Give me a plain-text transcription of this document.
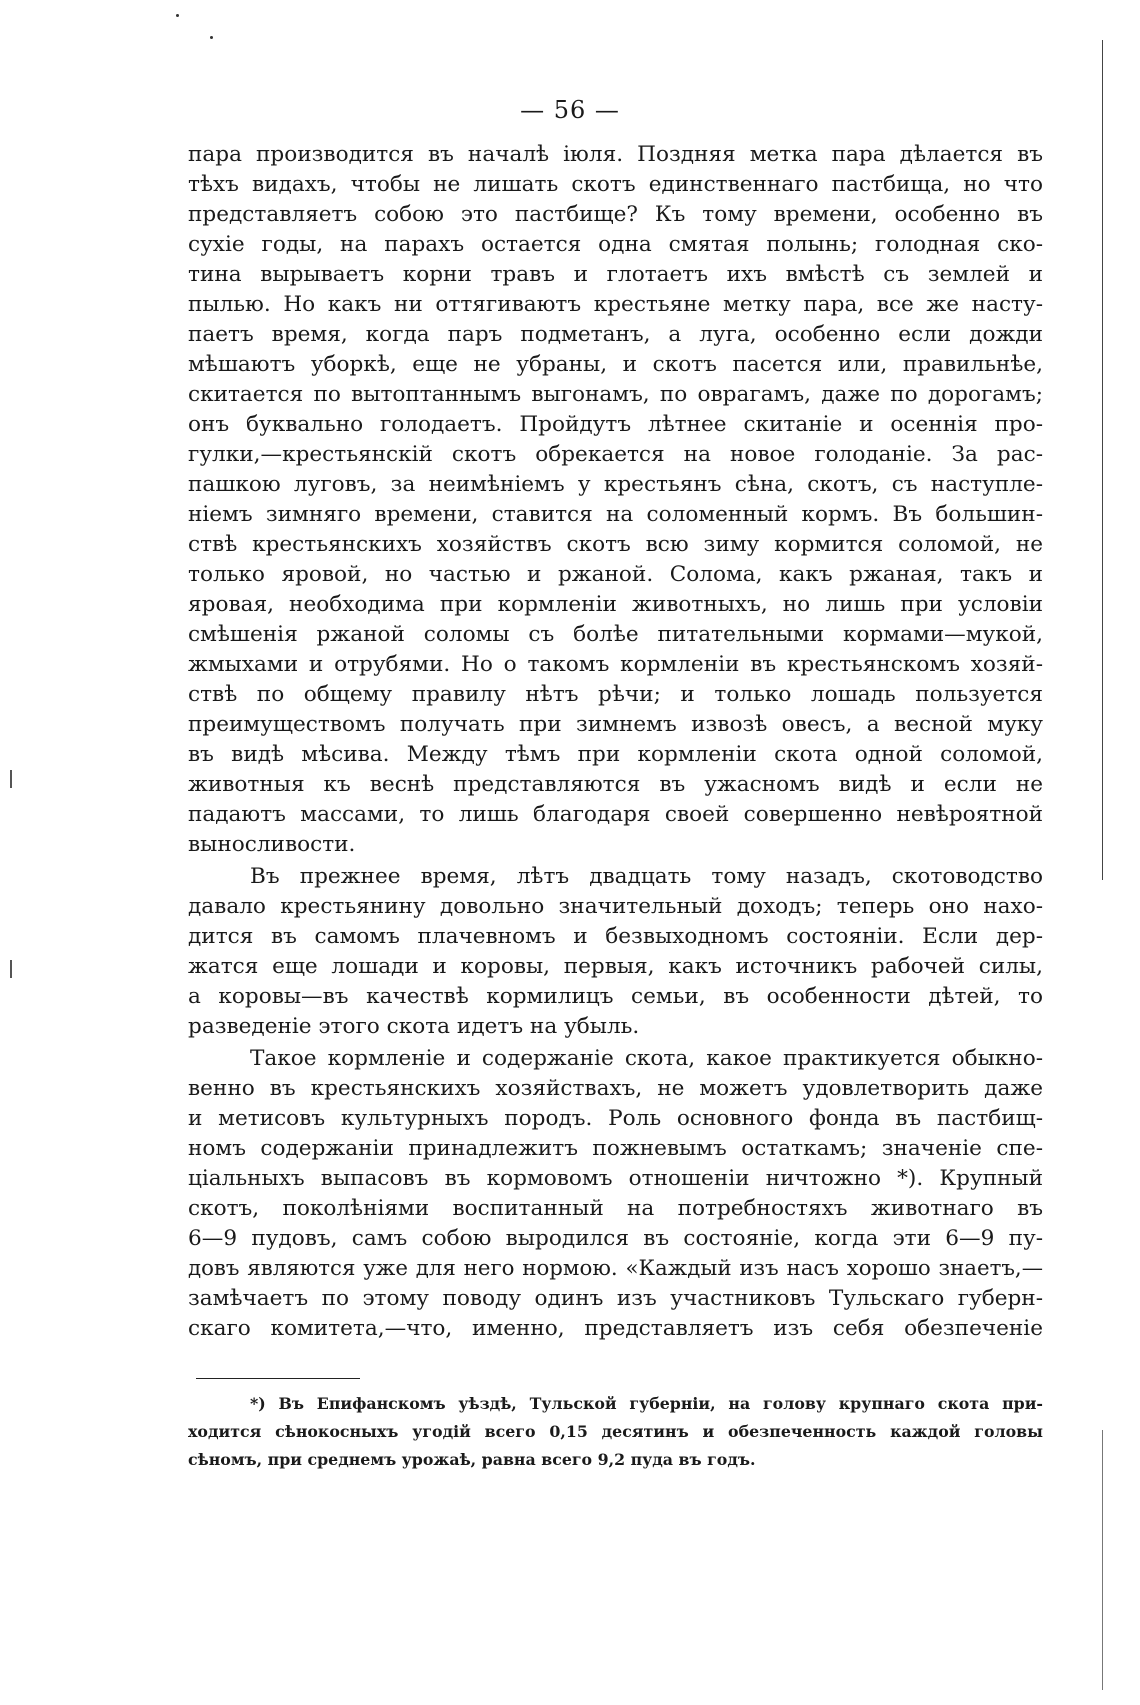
— 56 —
пара производится въ началѣ іюля. Поздняя метка пара дѣлается въ
тѣхъ видахъ, чтобы не лишать скотъ единственнаго пастбища, но что
представляетъ собою это пастбище? Къ тому времени, особенно въ
сухіе годы, на парахъ остается одна смятая полынь; голодная ско-
тина вырываетъ корни травъ и глотаетъ ихъ вмѣстѣ съ землей и
пылью. Но какъ ни оттягиваютъ крестьяне метку пара, все же насту-
паетъ время, когда паръ подметанъ, а луга, особенно если дожди
мѣшаютъ уборкѣ, еще не убраны, и скотъ пасется или, правильнѣе,
скитается по вытоптаннымъ выгонамъ, по оврагамъ, даже по дорогамъ;
онъ буквально голодаетъ. Пройдутъ лѣтнее скитаніе и осеннія про-
гулки,—крестьянскій скотъ обрекается на новое голоданіе. За рас-
пашкою луговъ, за неимѣніемъ у крестьянъ сѣна, скотъ, съ наступле-
ніемъ зимняго времени, ставится на соломенный кормъ. Въ большин-
ствѣ крестьянскихъ хозяйствъ скотъ всю зиму кормится соломой, не
только яровой, но частью и ржаной. Солома, какъ ржаная, такъ и
яровая, необходима при кормленіи животныхъ, но лишь при условіи
смѣшенія ржаной соломы съ болѣе питательными кормами—мукой,
жмыхами и отрубями. Но о такомъ кормленіи въ крестьянскомъ хозяй-
ствѣ по общему правилу нѣтъ рѣчи; и только лошадь пользуется
преимуществомъ получать при зимнемъ извозѣ овесъ, а весной муку
въ видѣ мѣсива. Между тѣмъ при кормленіи скота одной соломой,
животныя къ веснѣ представляются въ ужасномъ видѣ и если не
падаютъ массами, то лишь благодаря своей совершенно невѣроятной
выносливости.
Въ прежнее время, лѣтъ двадцать тому назадъ, скотоводство
давало крестьянину довольно значительный доходъ; теперь оно нахо-
дится въ самомъ плачевномъ и безвыходномъ состояніи. Если дер-
жатся еще лошади и коровы, первыя, какъ источникъ рабочей силы,
а коровы—въ качествѣ кормилицъ семьи, въ особенности дѣтей, то
разведеніе этого скота идетъ на убыль.
Такое кормленіе и содержаніе скота, какое практикуется обыкно-
венно въ крестьянскихъ хозяйствахъ, не можетъ удовлетворить даже
и метисовъ культурныхъ породъ. Роль основного фонда въ пастбищ-
номъ содержаніи принадлежитъ пожневымъ остаткамъ; значеніе спе-
ціальныхъ выпасовъ въ кормовомъ отношеніи ничтожно *). Крупный
скотъ, поколѣніями воспитанный на потребностяхъ животнаго въ
6—9 пудовъ, самъ собою выродился въ состояніе, когда эти 6—9 пу-
довъ являются уже для него нормою. «Каждый изъ насъ хорошо знаетъ,—
замѣчаетъ по этому поводу одинъ изъ участниковъ Тульскаго губерн-
скаго комитета,—что, именно, представляетъ изъ себя обезпеченіе
*) Въ Епифанскомъ уѣздѣ, Тульской губерніи, на голову крупнаго скота при-
ходится сѣнокосныхъ угодій всего 0,15 десятинъ и обезпеченность каждой головы
сѣномъ, при среднемъ урожаѣ, равна всего 9,2 пуда въ годъ.
